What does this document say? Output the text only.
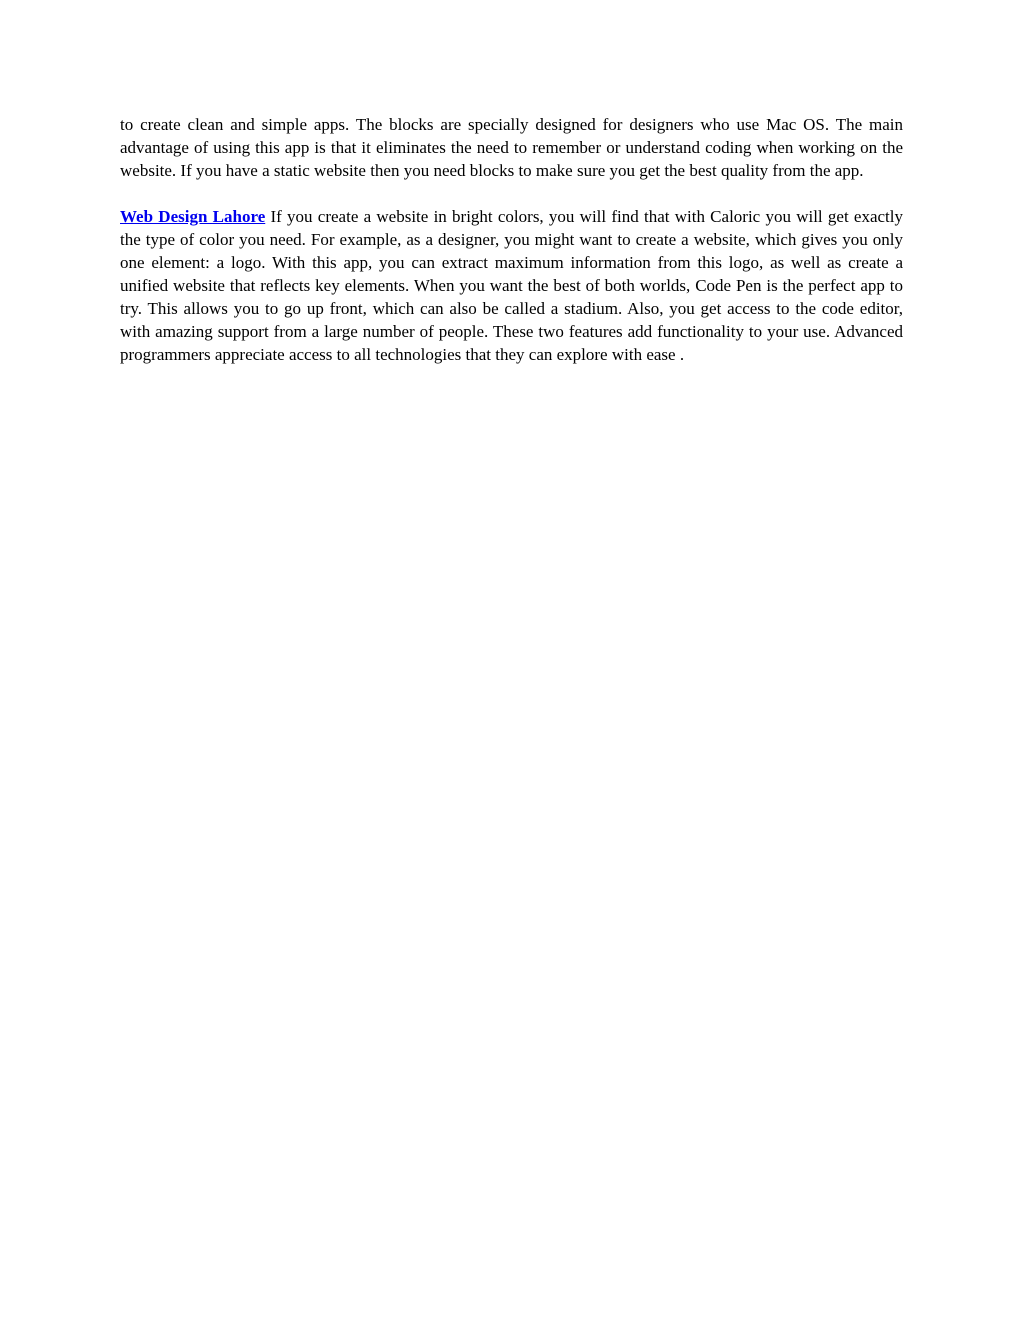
to create clean and simple apps. The blocks are specially designed for designers who use Mac OS. The main advantage of using this app is that it eliminates the need to remember or understand coding when working on the website. If you have a static website then you need blocks to make sure you get the best quality from the app.

Web Design Lahore If you create a website in bright colors, you will find that with Caloric you will get exactly the type of color you need. For example, as a designer, you might want to create a website, which gives you only one element: a logo. With this app, you can extract maximum information from this logo, as well as create a unified website that reflects key elements. When you want the best of both worlds, Code Pen is the perfect app to try. This allows you to go up front, which can also be called a stadium. Also, you get access to the code editor, with amazing support from a large number of people. These two features add functionality to your use. Advanced programmers appreciate access to all technologies that they can explore with ease .
